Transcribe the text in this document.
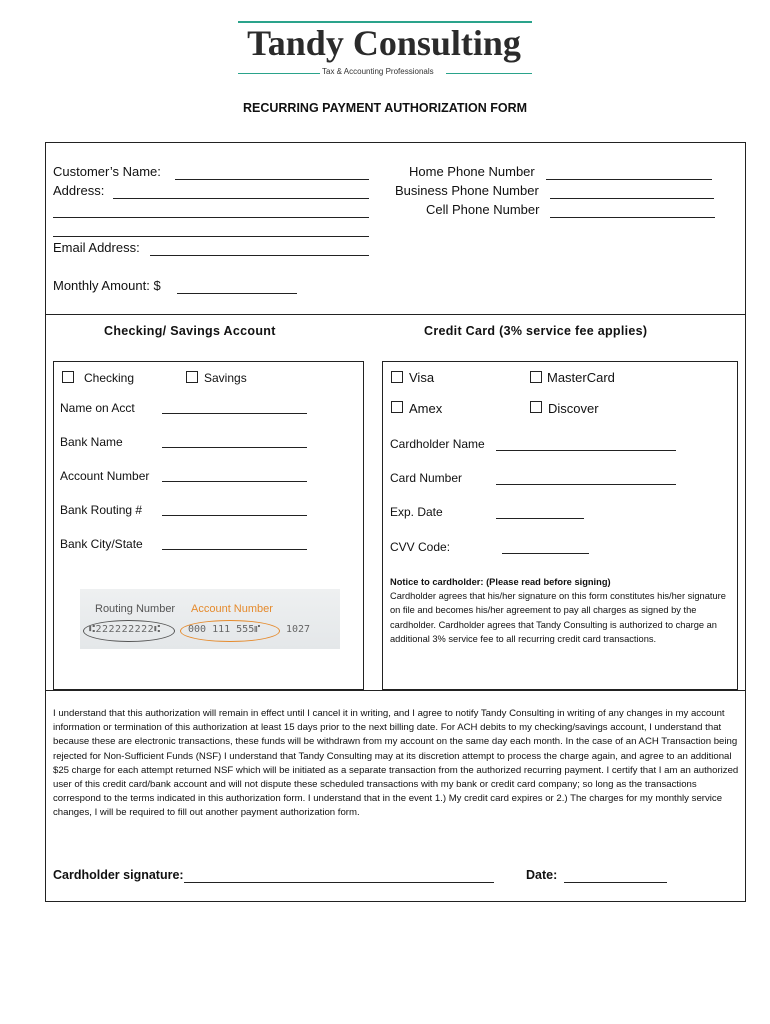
Tandy Consulting
Tax & Accounting Professionals
RECURRING PAYMENT AUTHORIZATION FORM
Customer’s Name:
Address:
Email Address:
Monthly Amount: $
Home Phone Number
Business Phone Number
Cell Phone Number
Checking/ Savings Account	Credit Card (3% service fee applies)
Checking	Savings
Name on Acct
Bank Name
Account Number
Bank Routing #
Bank City/State
Routing Number Account Number
⑆222222222⑆	000 111 555⑈	1027
Visa	MasterCard
Amex	Discover
Cardholder Name
Card Number
Exp. Date
CVV Code:
Notice to cardholder: (Please read before signing)
Cardholder agrees that his/her signature on this form constitutes his/her signature on file and becomes his/her agreement to pay all charges as signed by the cardholder. Cardholder agrees that Tandy Consulting is authorized to charge an additional 3% service fee to all recurring credit card transactions.
I understand that this authorization will remain in effect until I cancel it in writing, and I agree to notify Tandy Consulting in writing of any changes in my account information or termination of this authorization at least 15 days prior to the next billing date. For ACH debits to my checking/savings account, I understand that because these are electronic transactions, these funds will be withdrawn from my account on the same day each month. In the case of an ACH Transaction being rejected for Non-Sufficient Funds (NSF) I understand that Tandy Consulting may at its discretion attempt to process the charge again, and agree to an additional $25 charge for each attempt returned NSF which will be initiated as a separate transaction from the authorized recurring payment. I certify that I am an authorized user of this credit card/bank account and will not dispute these scheduled transactions with my bank or credit card company; so long as the transactions correspond to the terms indicated in this authorization form. I understand that in the event 1.) My credit card expires or 2.) The charges for my monthly service changes, I will be required to fill out another payment authorization form.
Cardholder signature:	Date:
